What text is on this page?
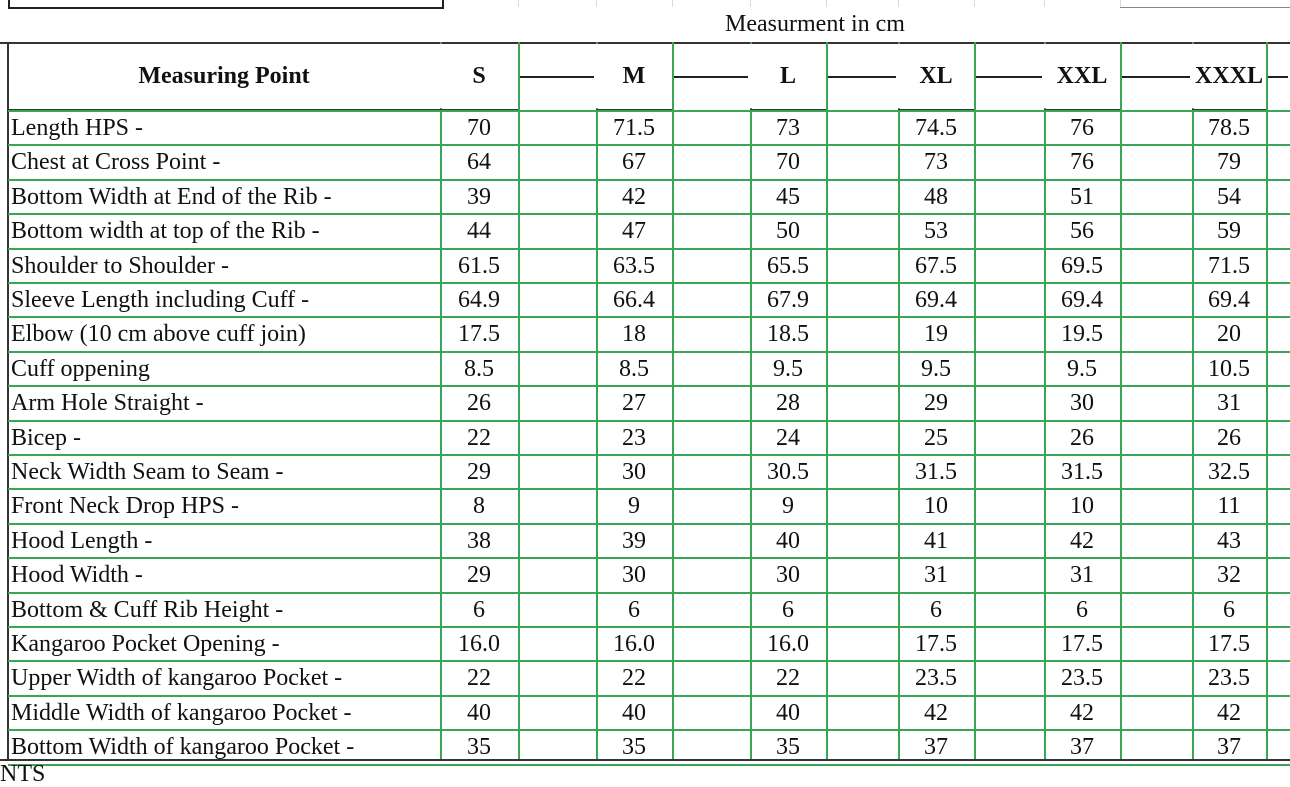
Measurment in cm
Measuring Point	S	M	L	XL	XXL	XXXL
Length HPS -	70	71.5	73	74.5	76	78.5
Chest at Cross Point -	64	67	70	73	76	79
Bottom Width at End of the Rib -	39	42	45	48	51	54
Bottom width at top of the Rib -	44	47	50	53	56	59
Shoulder to Shoulder -	61.5	63.5	65.5	67.5	69.5	71.5
Sleeve Length including Cuff -	64.9	66.4	67.9	69.4	69.4	69.4
Elbow (10 cm above cuff join)	17.5	18	18.5	19	19.5	20
Cuff oppening	8.5	8.5	9.5	9.5	9.5	10.5
Arm Hole Straight -	26	27	28	29	30	31
Bicep -	22	23	24	25	26	26
Neck Width Seam to Seam -	29	30	30.5	31.5	31.5	32.5
Front Neck Drop HPS -	8	9	9	10	10	11
Hood Length -	38	39	40	41	42	43
Hood Width -	29	30	30	31	31	32
Bottom & Cuff Rib Height -	6	6	6	6	6	6
Kangaroo Pocket Opening -	16.0	16.0	16.0	17.5	17.5	17.5
Upper Width of kangaroo Pocket -	22	22	22	23.5	23.5	23.5
Middle Width of kangaroo Pocket -	40	40	40	42	42	42
Bottom Width of kangaroo Pocket -	35	35	35	37	37	37
NTS
